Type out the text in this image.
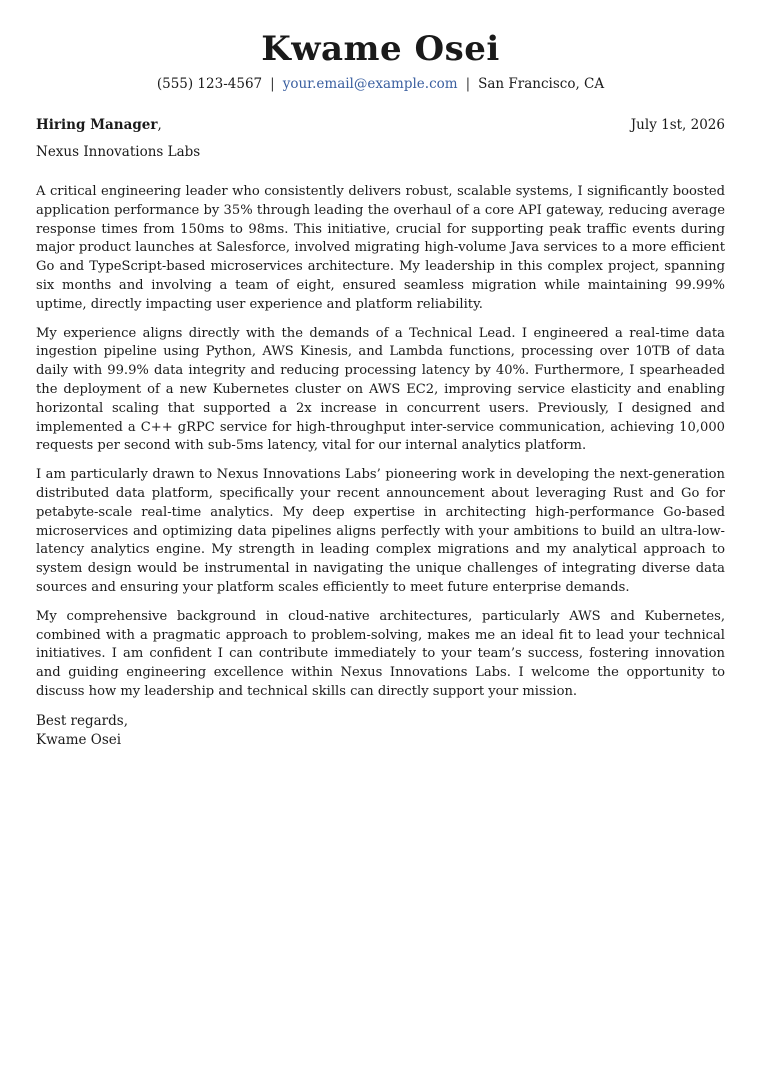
Kwame Osei
(555) 123-4567 | your.email@example.com | San Francisco, CA
Hiring Manager,	July 1st, 2026
Nexus Innovations Labs

A critical engineering leader who consistently delivers robust, scalable systems, I significantly boosted application performance by 35% through leading the overhaul of a core API gateway, reducing average response times from 150ms to 98ms. This initiative, crucial for supporting peak traffic events during major product launches at Salesforce, involved migrating high-volume Java services to a more efficient Go and TypeScript-based microservices architecture. My leadership in this complex project, spanning six months and involving a team of eight, ensured seamless migration while maintaining 99.99% uptime, directly impacting user experience and platform reliability.

My experience aligns directly with the demands of a Technical Lead. I engineered a real-time data ingestion pipeline using Python, AWS Kinesis, and Lambda functions, processing over 10TB of data daily with 99.9% data integrity and reducing processing latency by 40%. Furthermore, I spearheaded the deployment of a new Kubernetes cluster on AWS EC2, improving service elasticity and enabling horizontal scaling that supported a 2x increase in concurrent users. Previously, I designed and implemented a C++ gRPC service for high-throughput inter-service communication, achieving 10,000 requests per second with sub-5ms latency, vital for our internal analytics platform.

I am particularly drawn to Nexus Innovations Labs’ pioneering work in developing the next-generation distributed data platform, specifically your recent announcement about leveraging Rust and Go for petabyte-scale real-time analytics. My deep expertise in architecting high-performance Go-based microservices and optimizing data pipelines aligns perfectly with your ambitions to build an ultra-low-latency analytics engine. My strength in leading complex migrations and my analytical approach to system design would be instrumental in navigating the unique challenges of integrating diverse data sources and ensuring your platform scales efficiently to meet future enterprise demands.

My comprehensive background in cloud-native architectures, particularly AWS and Kubernetes, combined with a pragmatic approach to problem-solving, makes me an ideal fit to lead your technical initiatives. I am confident I can contribute immediately to your team’s success, fostering innovation and guiding engineering excellence within Nexus Innovations Labs. I welcome the opportunity to discuss how my leadership and technical skills can directly support your mission.

Best regards,
Kwame Osei
